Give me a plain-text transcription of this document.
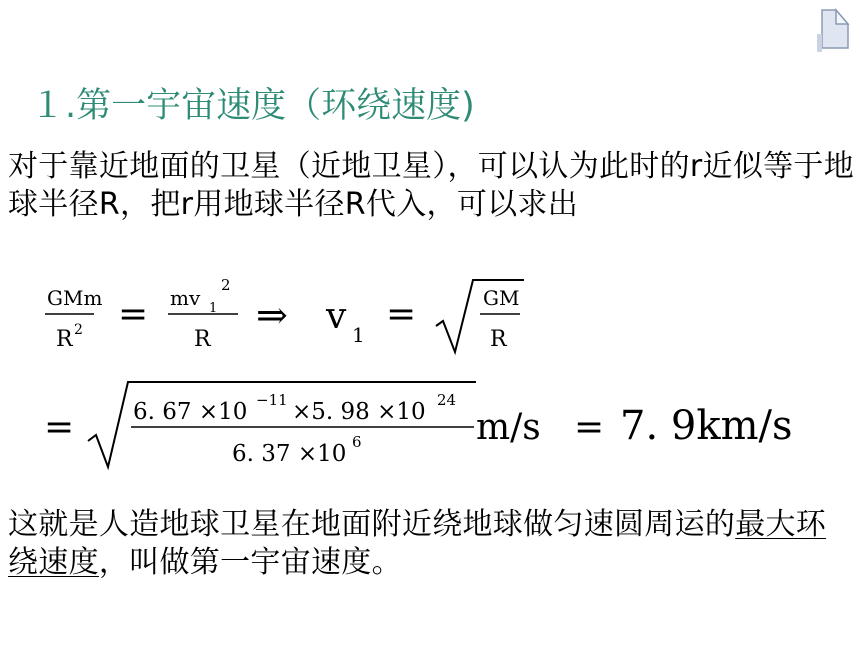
１.第一宇宙速度（环绕速度)

对于靠近地面的卫星（近地卫星），可以认为此时的r近似等于地球半径R，把r用地球半径R代入，可以求出

GMm
R 2 = mv 1
2
R
⇒ v 1 =	GM
R
=	6. 67 ×10 −11 ×5. 98 ×10 24
6. 37 ×10 6	m/s = 7. 9km/s

这就是人造地球卫星在地面附近绕地球做匀速圆周运的最大环绕速度，叫做第一宇宙速度。
